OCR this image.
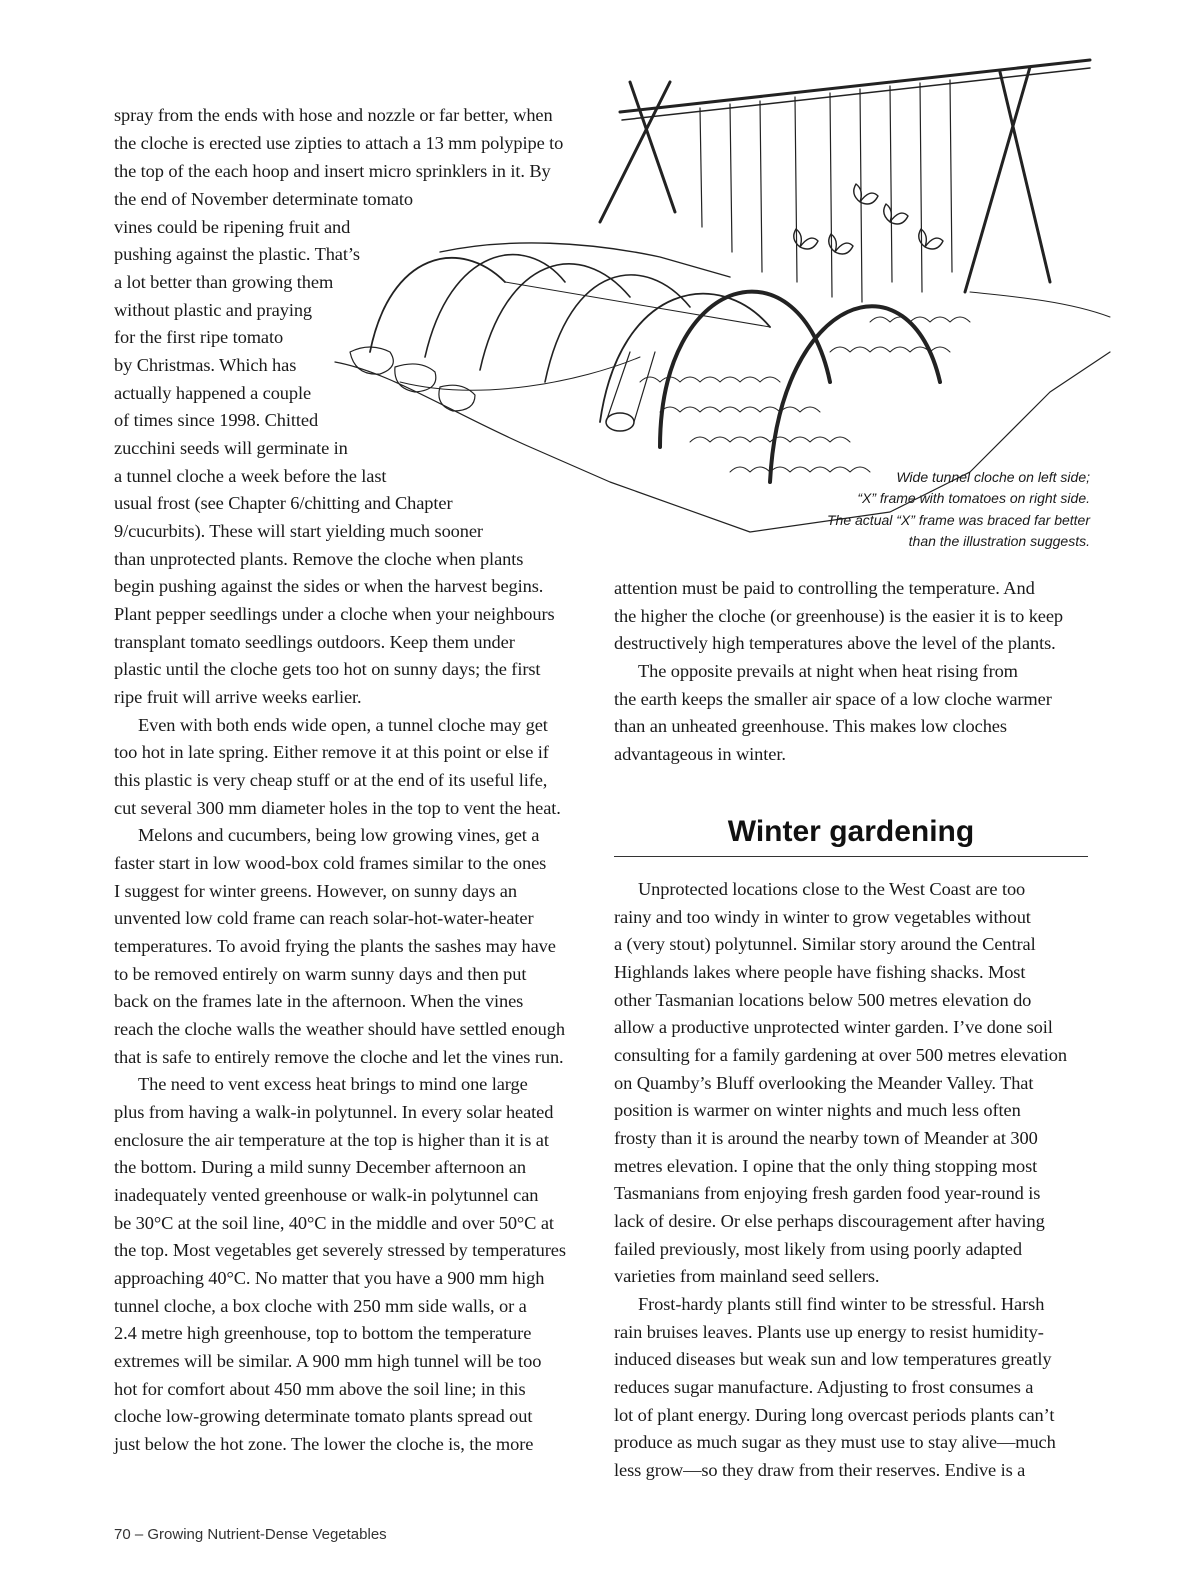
Wide tunnel cloche on left side;
“X” frame with tomatoes on right side.
The actual “X” frame was braced far better
than the illustration suggests.
spray from the ends with hose and nozzle or far better, when
the cloche is erected use zipties to attach a 13 mm polypipe to
the top of the each hoop and insert micro sprinklers in it. By
the end of November determinate tomato
vines could be ripening fruit and
pushing against the plastic. That’s
a lot better than growing them
without plastic and praying
for the first ripe tomato
by Christmas. Which has
actually happened a couple
of times since 1998. Chitted
zucchini seeds will germinate in
a tunnel cloche a week before the last
usual frost (see Chapter 6/chitting and Chapter
9/cucurbits). These will start yielding much sooner
than unprotected plants. Remove the cloche when plants
begin pushing against the sides or when the harvest begins.
Plant pepper seedlings under a cloche when your neighbours
transplant tomato seedlings outdoors. Keep them under
plastic until the cloche gets too hot on sunny days; the first
ripe fruit will arrive weeks earlier.
Even with both ends wide open, a tunnel cloche may get
too hot in late spring. Either remove it at this point or else if
this plastic is very cheap stuff or at the end of its useful life,
cut several 300 mm diameter holes in the top to vent the heat.
Melons and cucumbers, being low growing vines, get a
faster start in low wood-box cold frames similar to the ones
I suggest for winter greens. However, on sunny days an
unvented low cold frame can reach solar-hot-water-heater
temperatures. To avoid frying the plants the sashes may have
to be removed entirely on warm sunny days and then put
back on the frames late in the afternoon. When the vines
reach the cloche walls the weather should have settled enough
that is safe to entirely remove the cloche and let the vines run.
The need to vent excess heat brings to mind one large
plus from having a walk-in polytunnel. In every solar heated
enclosure the air temperature at the top is higher than it is at
the bottom. During a mild sunny December afternoon an
inadequately vented greenhouse or walk-in polytunnel can
be 30°C at the soil line, 40°C in the middle and over 50°C at
the top. Most vegetables get severely stressed by temperatures
approaching 40°C. No matter that you have a 900 mm high
tunnel cloche, a box cloche with 250 mm side walls, or a
2.4 metre high greenhouse, top to bottom the temperature
extremes will be similar. A 900 mm high tunnel will be too
hot for comfort about 450 mm above the soil line; in this
cloche low-growing determinate tomato plants spread out
just below the hot zone. The lower the cloche is, the more
attention must be paid to controlling the temperature. And
the higher the cloche (or greenhouse) is the easier it is to keep
destructively high temperatures above the level of the plants.
The opposite prevails at night when heat rising from
the earth keeps the smaller air space of a low cloche warmer
than an unheated greenhouse. This makes low cloches
advantageous in winter.
Winter gardening
Unprotected locations close to the West Coast are too
rainy and too windy in winter to grow vegetables without
a (very stout) polytunnel. Similar story around the Central
Highlands lakes where people have fishing shacks. Most
other Tasmanian locations below 500 metres elevation do
allow a productive unprotected winter garden. I’ve done soil
consulting for a family gardening at over 500 metres elevation
on Quamby’s Bluff overlooking the Meander Valley. That
position is warmer on winter nights and much less often
frosty than it is around the nearby town of Meander at 300
metres elevation. I opine that the only thing stopping most
Tasmanians from enjoying fresh garden food year-round is
lack of desire. Or else perhaps discouragement after having
failed previously, most likely from using poorly adapted
varieties from mainland seed sellers.
Frost-hardy plants still find winter to be stressful. Harsh
rain bruises leaves. Plants use up energy to resist humidity-
induced diseases but weak sun and low temperatures greatly
reduces sugar manufacture. Adjusting to frost consumes a
lot of plant energy. During long overcast periods plants can’t
produce as much sugar as they must use to stay alive—much
less grow—so they draw from their reserves. Endive is a
70 – Growing Nutrient-Dense Vegetables
